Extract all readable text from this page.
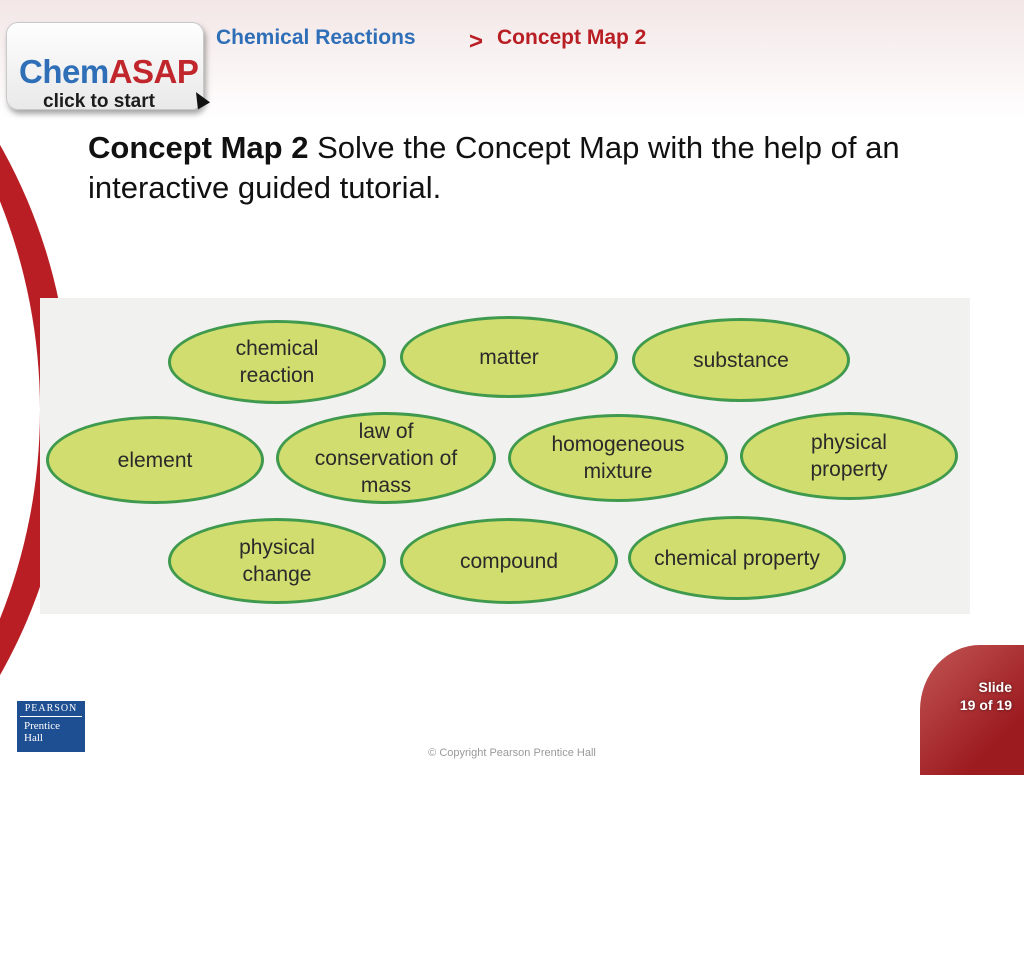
ChemASAP
click to start
Chemical Reactions > Concept Map 2
Concept Map 2 Solve the Concept Map with the help of an interactive guided tutorial.
chemical
reaction
matter	substance
element
law of
conservation of
mass
homogeneous
mixture
physical
property
physical
change
compound	chemical property
PEARSON
Prentice
Hall
Slide
19 of 19
© Copyright Pearson Prentice Hall
